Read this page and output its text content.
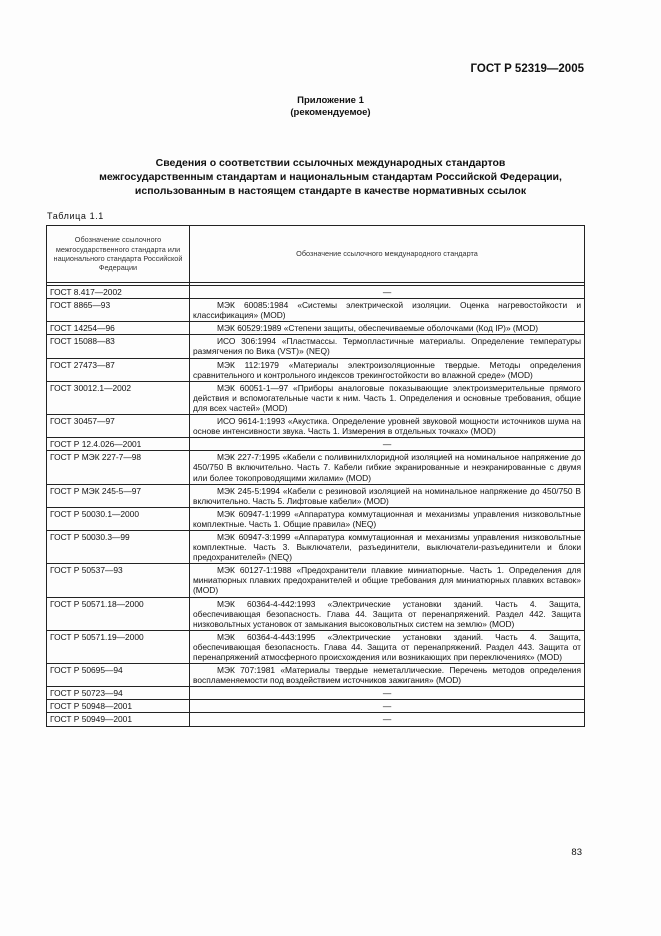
ГОСТ Р 52319—2005
Приложение 1
(рекомендуемое)
Сведения о соответствии ссылочных международных стандартов
межгосударственным стандартам и национальным стандартам Российской Федерации,
использованным в настоящем стандарте в качестве нормативных ссылок
Таблица 1.1
Обозначение ссылочного межгосударственного стандарта или национального стандарта Российской Федерации	Обозначение ссылочного международного стандарта

ГОСТ 8.417—2002	—
ГОСТ 8865—93	МЭК 60085:1984 «Системы электрической изоляции. Оценка нагревостойкости и классификация» (MOD)
ГОСТ 14254—96	МЭК 60529:1989 «Степени защиты, обеспечиваемые оболочками (Код IP)» (MOD)
ГОСТ 15088—83	ИСО 306:1994 «Пластмассы. Термопластичные материалы. Определение температуры размягчения по Вика (VST)» (NEQ)
ГОСТ 27473—87	МЭК 112:1979 «Материалы электроизоляционные твердые. Методы определения сравнительного и контрольного индексов трекингостойкости во влажной среде» (MOD)
ГОСТ 30012.1—2002	МЭК 60051-1—97 «Приборы аналоговые показывающие электроизмерительные прямого действия и вспомогательные части к ним. Часть 1. Определения и основные требования, общие для всех частей» (MOD)
ГОСТ 30457—97	ИСО 9614-1:1993 «Акустика. Определение уровней звуковой мощности источников шума на основе интенсивности звука. Часть 1. Измерения в отдельных точках» (MOD)
ГОСТ Р 12.4.026—2001	—
ГОСТ Р МЭК 227-7—98	МЭК 227-7:1995 «Кабели с поливинилхлоридной изоляцией на номинальное напряжение до 450/750 В включительно. Часть 7. Кабели гибкие экранированные и неэкранированные с двумя или более токопроводящими жилами» (MOD)
ГОСТ Р МЭК 245-5—97	МЭК 245-5:1994 «Кабели с резиновой изоляцией на номинальное напряжение до 450/750 В включительно. Часть 5. Лифтовые кабели» (MOD)
ГОСТ Р 50030.1—2000	МЭК 60947-1:1999 «Аппаратура коммутационная и механизмы управления низковольтные комплектные. Часть 1. Общие правила» (NEQ)
ГОСТ Р 50030.3—99	МЭК 60947-3:1999 «Аппаратура коммутационная и механизмы управления низковольтные комплектные. Часть 3. Выключатели, разъединители, выключатели-разъединители и блоки предохранителей» (NEQ)
ГОСТ Р 50537—93	МЭК 60127-1:1988 «Предохранители плавкие миниатюрные. Часть 1. Определения для миниатюрных плавких предохранителей и общие требования для миниатюрных плавких вставок» (MOD)
ГОСТ Р 50571.18—2000	МЭК 60364-4-442:1993 «Электрические установки зданий. Часть 4. Защита, обеспечивающая безопасность. Глава 44. Защита от перенапряжений. Раздел 442. Защита низковольтных установок от замыкания высоковольтных систем на землю» (MOD)
ГОСТ Р 50571.19—2000	МЭК 60364-4-443:1995 «Электрические установки зданий. Часть 4. Защита, обеспечивающая безопасность. Глава 44. Защита от перенапряжений. Раздел 443. Защита от перенапряжений атмосферного происхождения или возникающих при переключениях» (MOD)
ГОСТ Р 50695—94	МЭК 707:1981 «Материалы твердые неметаллические. Перечень методов определения воспламеняемости под воздействием источников зажигания» (MOD)
ГОСТ Р 50723—94	—
ГОСТ Р 50948—2001	—
ГОСТ Р 50949—2001	—
83
